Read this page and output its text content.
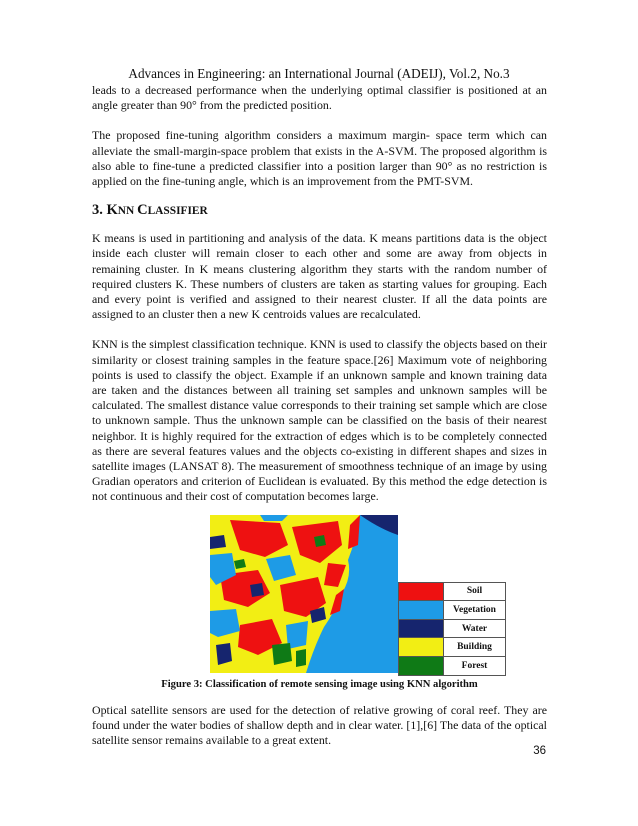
Advances in Engineering: an International Journal (ADEIJ), Vol.2, No.3

leads to a decreased performance when the underlying optimal classifier is positioned at an angle greater than 90° from the predicted position.

The proposed fine-tuning algorithm considers a maximum margin- space term which can alleviate the small-margin-space problem that exists in the A-SVM. The proposed algorithm is also able to fine-tune a predicted classifier into a position larger than 90° as no restriction is applied on the fine-tuning angle, which is an improvement from the PMT-SVM.

3. KNN CLASSIFIER

K means is used in partitioning and analysis of the data. K means partitions data is the object inside each cluster will remain closer to each other and some are away from objects in remaining cluster. In K means clustering algorithm they starts with the random number of required clusters K. These numbers of clusters are taken as starting values for grouping. Each and every point is verified and assigned to their nearest cluster. If all the data points are assigned to an cluster then a new K centroids values are recalculated.

KNN is the simplest classification technique. KNN is used to classify the objects based on their similarity or closest training samples in the feature space.[26] Maximum vote of neighboring points is used to classify the object. Example if an unknown sample and known training data are taken and the distances between all training set samples and unknown samples will be calculated. The smallest distance value corresponds to their training set sample which are close to unknown sample. Thus the unknown sample can be classified on the basis of their nearest neighbor. It is highly required for the extraction of edges which is to be completely connected as there are several features values and the objects co-existing in different shapes and sizes in satellite images (LANSAT 8). The measurement of smoothness technique of an image by using Gradian operators and criterion of Euclidean is evaluated. By this method the edge detection is not continuous and their cost of computation becomes large.

Soil
Vegetation
Water
Building
Forest
Figure 3: Classification of remote sensing image using KNN algorithm

Optical satellite sensors are used for the detection of relative growing of coral reef. They are found under the water bodies of shallow depth and in clear water. [1],[6] The data of the optical satellite sensor remains available to a great extent.

36
